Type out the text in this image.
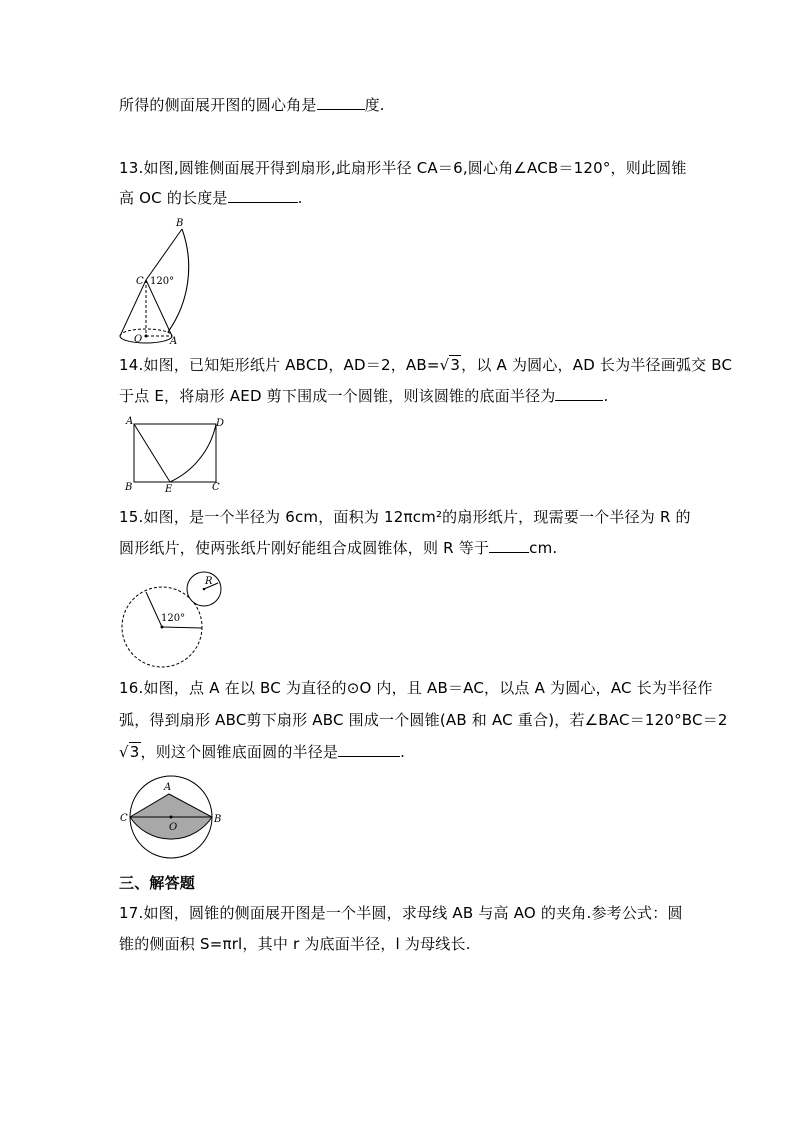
所得的侧面展开图的圆心角是	度.
13.如图,圆锥侧面展开得到扇形,此扇形半径 CA＝6,圆心角∠ACB＝120°，则此圆锥
高 OC 的长度是	.
B
C 120°
O	A
14.如图，已知矩形纸片 ABCD，AD＝2，AB=√3，以 A 为圆心，AD 长为半径画弧交 BC
于点 E，将扇形 AED 剪下围成一个圆锥，则该圆锥的底面半径为	.
A	D
B	E	C
15.如图，是一个半径为 6cm，面积为 12πcm²的扇形纸片，现需要一个半径为 R 的
圆形纸片，使两张纸片刚好能组合成圆锥体，则 R 等于	cm.
R
120°
16.如图，点 A 在以 BC 为直径的⊙O 内，且 AB＝AC，以点 A 为圆心，AC 长为半径作
弧，得到扇形 ABC剪下扇形 ABC 围成一个圆锥(AB 和 AC 重合)，若∠BAC＝120°BC＝2
√3，则这个圆锥底面圆的半径是	.
A
C
O
B
三、解答题
17.如图，圆锥的侧面展开图是一个半圆，求母线 AB 与高 AO 的夹角.参考公式：圆
锥的侧面积 S=πrl，其中 r 为底面半径，l 为母线长.
